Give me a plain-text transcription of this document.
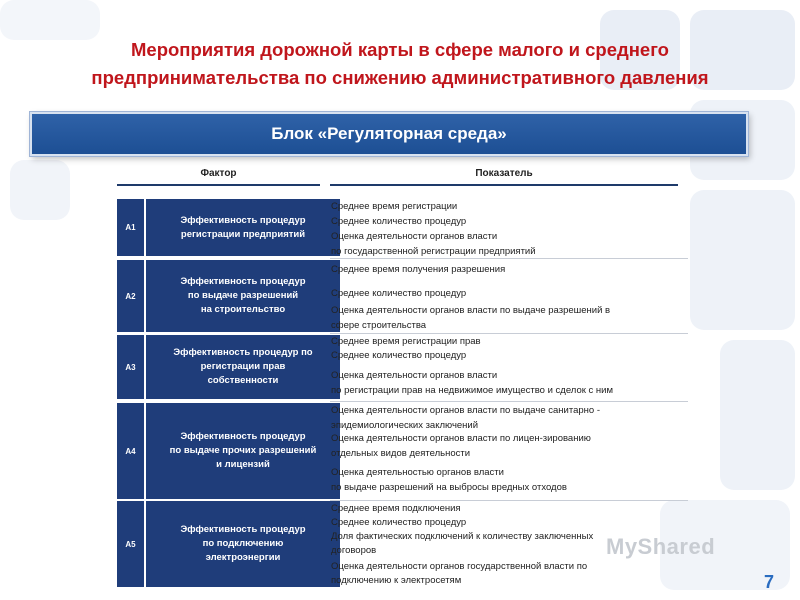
Мероприятия дорожной карты в сфере малого и среднего
предпринимательства по снижению административного давления
Блок «Регуляторная среда»
Фактор	Показатель
А1
Эффективность процедур
регистрации предприятий
Среднее время регистрации
Среднее количество процедур
Оценка деятельности органов власти
по государственной регистрации предприятий
А2
Эффективность процедур
по выдаче разрешений
на строительство
Среднее время получения разрешения
Среднее количество процедур
Оценка деятельности органов власти по выдаче разрешений в
сфере строительства
А3
Эффективность процедур по
регистрации прав
собственности
Среднее время регистрации прав
Среднее количество процедур
Оценка деятельности органов власти
по регистрации прав на недвижимое имущество и сделок с ним
А4
Эффективность процедур
по выдаче прочих разрешений
и лицензий
Оценка деятельности органов власти по выдаче санитарно -
эпидемиологических заключений
Оценка деятельности органов власти по лицен-зированию
отдельных видов деятельности
Оценка деятельностью органов власти
по выдаче разрешений на выбросы вредных отходов
А5
Эффективность процедур
по подключению
электроэнергии
Среднее время подключения
Среднее количество процедур
Доля фактических подключений к количеству заключенных
договоров
Оценка деятельности органов государственной власти по
подключению к электросетям
MyShared
7
